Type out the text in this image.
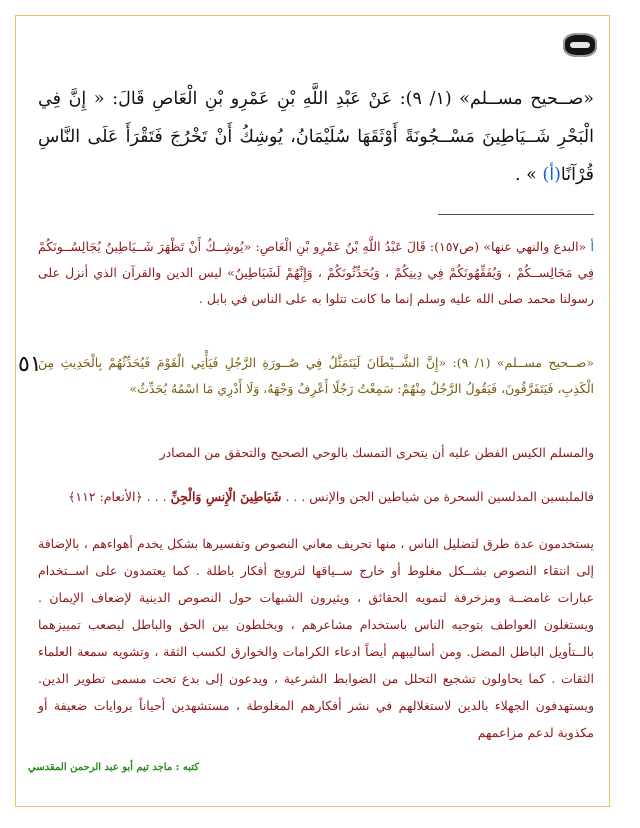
«صــحيح مســلم» (١/ ٩): عَنْ عَبْدِ اللَّهِ بْنِ عَمْرِو بْنِ الْعَاصِ قَالَ: « إِنَّ فِي الْبَحْرِ شَــيَاطِينَ مَسْــجُونَةً أَوْثَقَهَا سُلَيْمَانُ، يُوشِكُ أَنْ تَخْرُجَ فَتَقْرَأَ عَلَى النَّاسِ قُرْآنًا(أ) » .
أ «البدع والنهي عنها» (ص١٥٧): قَالَ عَبْدُ اللَّهِ بْنُ عَمْرِو بْنِ الْعَاصِ: «يُوشِــكُ أَنْ تَظْهَرَ شَــيَاطِينُ يُجَالِسُــونَكُمْ فِي مَجَالِســكُمْ ، وَيُفَقِّهُونَكُمْ فِي دِينِكُمْ ، وَيُحَدِّثُونَكُمْ ، وَإِنَّهُمْ لَشَيَاطِينُ» ليس الدين والقرآن الذي أنزل على رسولنا محمد صلى الله عليه وسلم إنما ما كانت تتلوا به على الناس في بابل .
«صــحيح مســلم» (١/ ٩): «إِنَّ الشَّــيْطَانَ لَيَتَمَثَّلُ فِي صُــورَةِ الرَّجُلِ فَيَأْتِي الْقَوْمَ فَيُحَدِّثُهُمْ بِالْحَدِيثِ مِنَ الْكَذِبِ، فَيَتَفَرَّقُونَ، فَيَقُولُ الرَّجُلُ مِنْهُمْ: سَمِعْتُ رَجُلًا أَعْرِفُ وَجْهَهُ، وَلَا أَدْرِي مَا اسْمُهُ يُحَدِّثُ»
والمسلم الكيس الفطن عليه أن يتحرى التمسك بالوحي الصحيح والتحقق من المصادر
فالملبسين المدلسين السحرة من شياطين الجن والإنس . . . شَيَاطِينَ الْإِنسِ وَالْجِنِّ . . . ﴿الأنعام: ١١٢﴾
يستخدمون عدة طرق لتضليل الناس ، منها تحريف معاني النصوص وتفسيرها بشكل يخدم أهواءهم ، بالإضافة إلى انتقاء النصوص بشــكل مغلوط أو خارج ســياقها لترويج أفكار باطلة . كما يعتمدون على اســتخدام عبارات غامضــة ومزخرفة لتمويه الحقائق ، ويثيرون الشبهات حول النصوص الدينية لإضعاف الإيمان . ويستغلون العواطف بتوجيه الناس باستخدام مشاعرهم ، ويخلطون بين الحق والباطل ليصعب تمييزهما بالــتأويل الباطل المضل. ومن أساليبهم أيضاً ادعاء الكرامات والخوارق لكسب الثقة ، وتشويه سمعة العلماء الثقات . كما يحاولون تشجيع التحلل من الضوابط الشرعية ، ويدعون إلى بدع تحت مسمى تطوير الدين. ويستهدفون الجهلاء بالدين لاستغلالهم في نشر أفكارهم المغلوطة ، مستشهدين أحياناً بروايات ضعيفة أو مكذوبة لدعم مزاعمهم
٥١
كتبه : ماجد تيم أبو عبد الرحمن المقدسي
